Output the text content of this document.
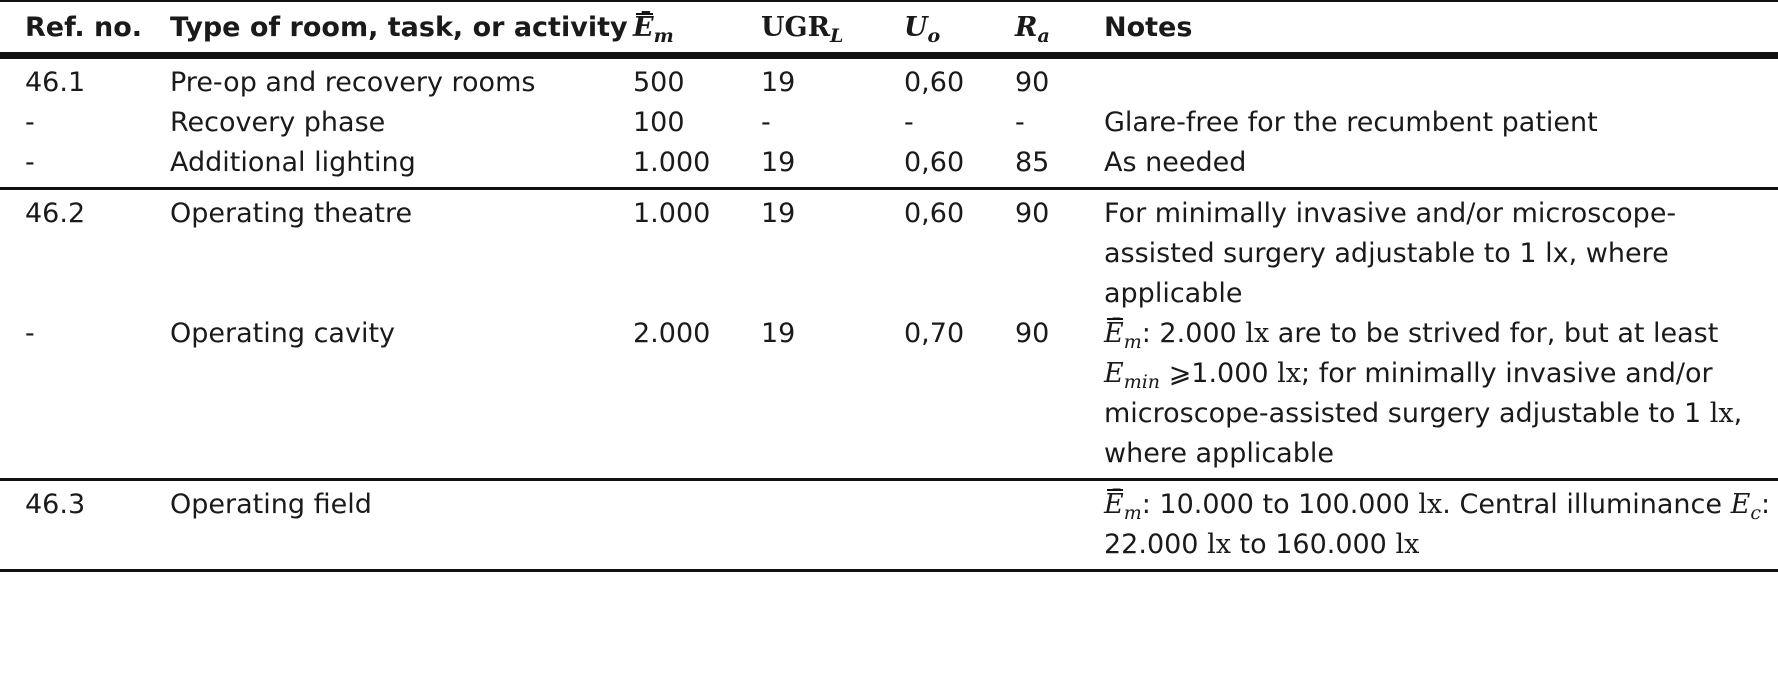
Ref. no.	Type of room, task, or activity	$Ē_m$	$UGR_L$	$U_o$	$R_a$	Notes
46.1	Pre-op and recovery rooms	500	19	0,60	90	
-	Recovery phase	100	-	-	-	Glare-free for the recumbent patient
-	Additional lighting	1.000	19	0,60	85	As needed
46.2	Operating theatre	1.000	19	0,60	90	For minimally invasive and/or microscope-assisted surgery adjustable to 1 lx, where applicable
-	Operating cavity	2.000	19	0,70	90	$Ē_m$: 2.000 lx are to be strived for, but at least $E_{min}$ ⩾1.000 lx; for minimally invasive and/or microscope-assisted surgery adjustable to 1 lx, where applicable
46.3	Operating field					$Ē_m$: 10.000 to 100.000 lx. Central illuminance $E_c$: 22.000 lx to 160.000 lx
